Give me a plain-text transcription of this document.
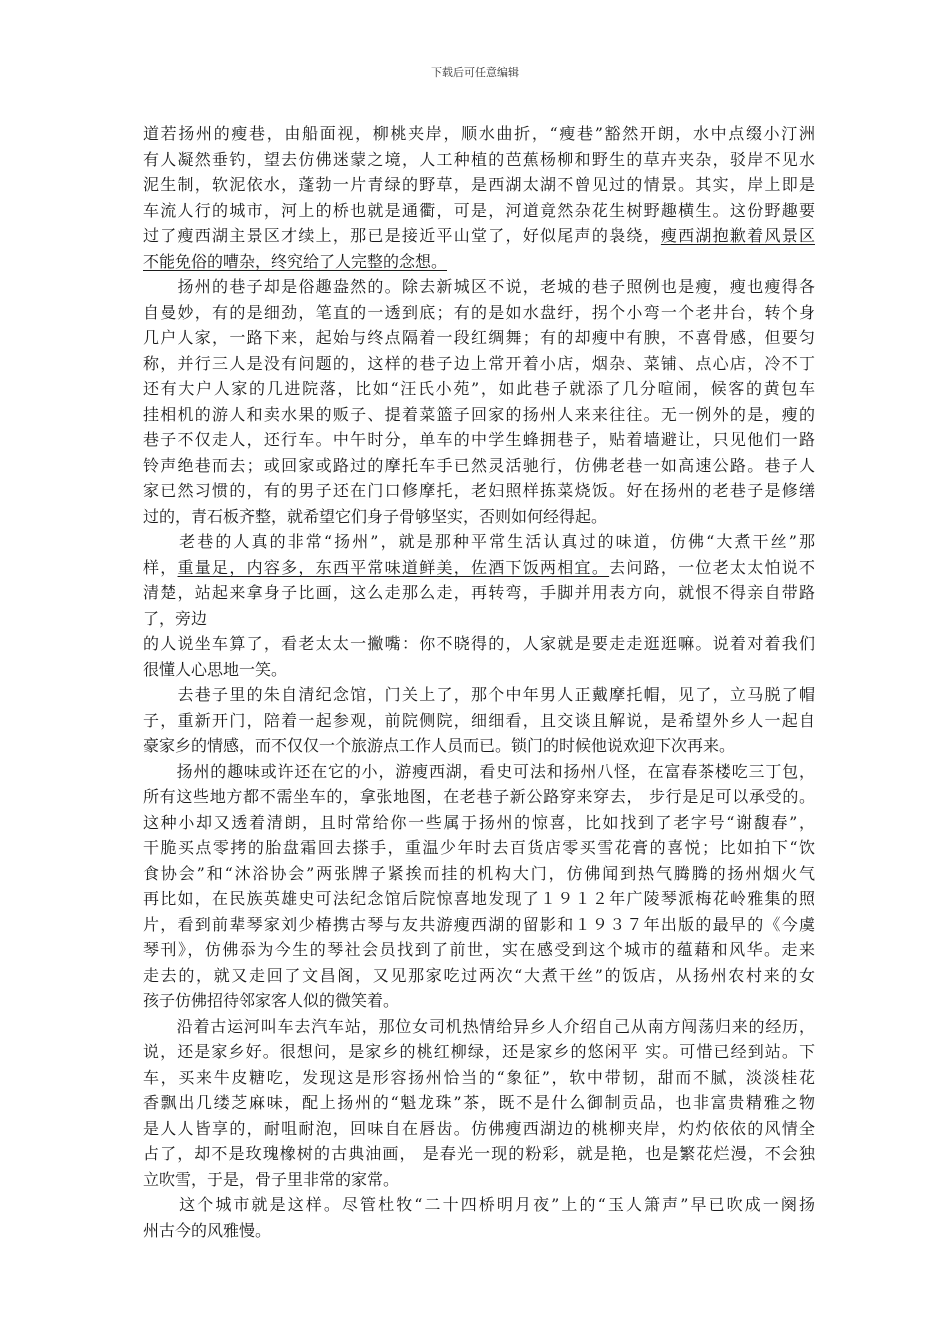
下载后可任意编辑
道若扬州的瘦巷，由船面视，柳桃夹岸，顺水曲折，“瘦巷”豁然开朗，水中点缀小汀洲
有人凝然垂钓，望去仿佛迷蒙之境，人工种植的芭蕉杨柳和野生的草卉夹杂，驳岸不见水
泥生制，软泥依水，蓬勃一片青绿的野草，是西湖太湖不曾见过的情景。其实，岸上即是
车流人行的城市，河上的桥也就是通衢，可是，河道竟然杂花生树野趣横生。这份野趣要
过了瘦西湖主景区才续上，那已是接近平山堂了，好似尾声的袅绕，瘦西湖抱歉着风景区
不能免俗的嘈杂，终究给了人完整的念想。
　　扬州的巷子却是俗趣盎然的。除去新城区不说，老城的巷子照例也是瘦，瘦也瘦得各
自曼妙，有的是细劲，笔直的一透到底；有的是如水盘纡，拐个小弯一个老井台，转个身
几户人家，一路下来，起始与终点隔着一段红绸舞；有的却瘦中有腴，不喜骨感，但要匀
称，并行三人是没有问题的，这样的巷子边上常开着小店，烟杂、菜铺、点心店，冷不丁
还有大户人家的几进院落，比如“汪氏小苑”，如此巷子就添了几分喧闹，候客的黄包车
挂相机的游人和卖水果的贩子、提着菜篮子回家的扬州人来来往往。无一例外的是，瘦的
巷子不仅走人，还行车。中午时分，单车的中学生蜂拥巷子，贴着墙避让，只见他们一路
铃声绝巷而去；或回家或路过的摩托车手已然灵活驰行，仿佛老巷一如高速公路。巷子人
家已然习惯的，有的男子还在门口修摩托，老妇照样拣菜烧饭。好在扬州的老巷子是修缮
过的，青石板齐整，就希望它们身子骨够坚实，否则如何经得起。
　　老巷的人真的非常“扬州”，就是那种平常生活认真过的味道，仿佛“大煮干丝”那
样，重量足，内容多，东西平常味道鲜美，佐酒下饭两相宜。去问路，一位老太太怕说不
清楚，站起来拿身子比画，这么走那么走，再转弯，手脚并用表方向，就恨不得亲自带路
了，旁边
的人说坐车算了，看老太太一撇嘴：你不晓得的，人家就是要走走逛逛嘛。说着对着我们
很懂人心思地一笑。
　　去巷子里的朱自清纪念馆，门关上了，那个中年男人正戴摩托帽，见了，立马脱了帽
子，重新开门，陪着一起参观，前院侧院，细细看，且交谈且解说，是希望外乡人一起自
豪家乡的情感，而不仅仅一个旅游点工作人员而已。锁门的时候他说欢迎下次再来。
　　扬州的趣味或许还在它的小，游瘦西湖，看史可法和扬州八怪，在富春茶楼吃三丁包，
所有这些地方都不需坐车的，拿张地图，在老巷子新公路穿来穿去， 步行是足可以承受的。
这种小却又透着清朗，且时常给你一些属于扬州的惊喜，比如找到了老字号“谢馥春”，
干脆买点零拷的胎盘霜回去搽手，重温少年时去百货店零买雪花膏的喜悦；比如拍下“饮
食协会”和“沐浴协会”两张牌子紧挨而挂的机构大门，仿佛闻到热气腾腾的扬州烟火气
再比如，在民族英雄史可法纪念馆后院惊喜地发现了１９１２年广陵琴派梅花岭雅集的照
片，看到前辈琴家刘少椿携古琴与友共游瘦西湖的留影和１９３７年出版的最早的《今虞
琴刊》，仿佛忝为今生的琴社会员找到了前世，实在感受到这个城市的蕴藉和风华。走来
走去的，就又走回了文昌阁，又见那家吃过两次“大煮干丝”的饭店，从扬州农村来的女
孩子仿佛招待邻家客人似的微笑着。
　　沿着古运河叫车去汽车站，那位女司机热情给异乡人介绍自己从南方闯荡归来的经历，
说，还是家乡好。很想问，是家乡的桃红柳绿，还是家乡的悠闲平 实。可惜已经到站。下
车，买来牛皮糖吃，发现这是形容扬州恰当的“象征”，软中带韧，甜而不腻，淡淡桂花
香飘出几缕芝麻味，配上扬州的“魁龙珠”茶，既不是什么御制贡品，也非富贵精雅之物
是人人皆享的，耐咀耐泡，回味自在唇齿。仿佛瘦西湖边的桃柳夹岸，灼灼依依的风情全
占了，却不是玫瑰橡树的古典油画， 是春光一现的粉彩，就是艳，也是繁花烂漫，不会独
立吹雪，于是，骨子里非常的家常。
　　这个城市就是这样。尽管杜牧“二十四桥明月夜”上的“玉人箫声”早已吹成一阕扬
州古今的风雅慢。
